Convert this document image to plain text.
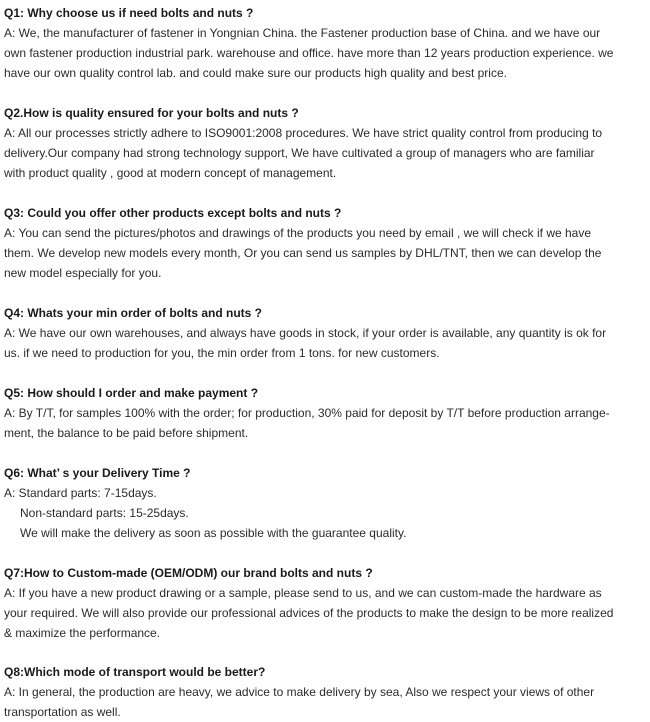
Q1: Why choose us if need bolts and nuts ?
A: We, the manufacturer of fastener in Yongnian China. the Fastener production base of China. and we have our
own fastener production industrial park. warehouse and office. have more than 12 years production experience. we
have our own quality control lab. and could make sure our products high quality and best price.
Q2.How is quality ensured for your bolts and nuts ?
A: All our processes strictly adhere to ISO9001:2008 procedures. We have strict quality control from producing to
delivery.Our company had strong technology support, We have cultivated a group of managers who are familiar
with product quality , good at modern concept of management.
Q3: Could you offer other products except bolts and nuts ?
A: You can send the pictures/photos and drawings of the products you need by email , we will check if we have
them. We develop new models every month, Or you can send us samples by DHL/TNT, then we can develop the
new model especially for you.
Q4: Whats your min order of bolts and nuts ?
A: We have our own warehouses, and always have goods in stock, if your order is available, any quantity is ok for
us. if we need to production for you, the min order from 1 tons. for new customers.
Q5: How should I order and make payment ?
A: By T/T, for samples 100% with the order; for production, 30% paid for deposit by T/T before production arrange-
ment, the balance to be paid before shipment.
Q6: What’ s your Delivery Time ?
A: Standard parts: 7-15days.
Non-standard parts: 15-25days.
We will make the delivery as soon as possible with the guarantee quality.
Q7:How to Custom-made (OEM/ODM) our brand bolts and nuts ?
A: If you have a new product drawing or a sample, please send to us, and we can custom-made the hardware as
your required. We will also provide our professional advices of the products to make the design to be more realized
& maximize the performance.
Q8:Which mode of transport would be better?
A: In general, the production are heavy, we advice to make delivery by sea, Also we respect your views of other
transportation as well.
